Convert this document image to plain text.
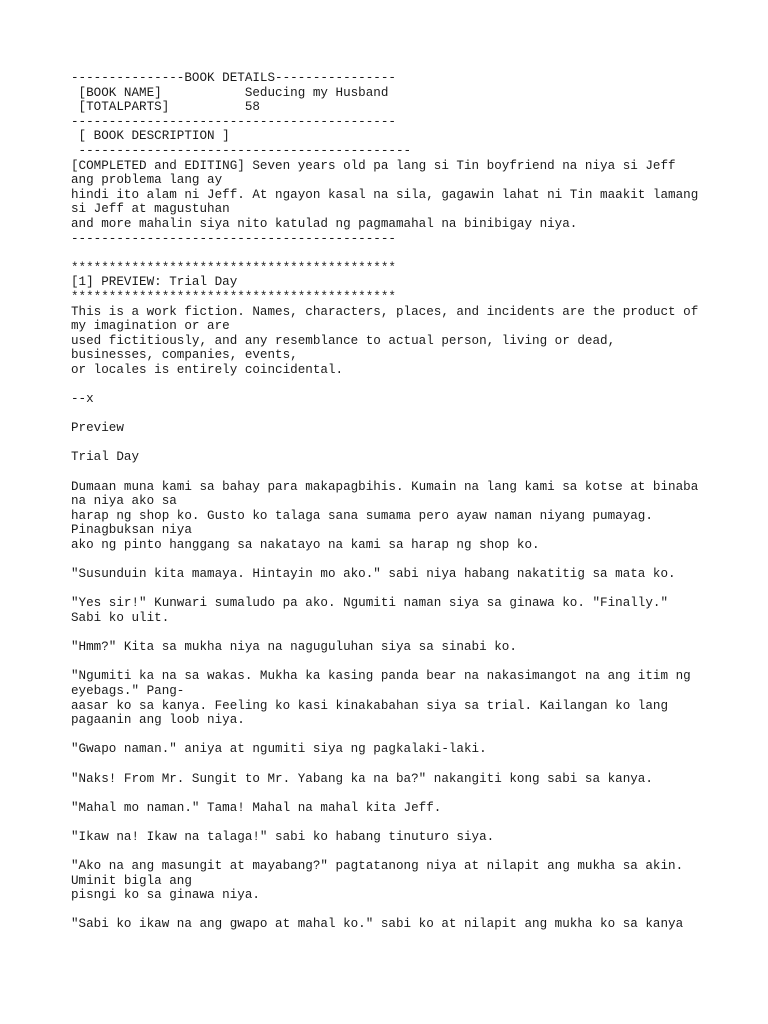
---------------BOOK DETAILS----------------
[BOOK NAME]           Seducing my Husband
[TOTALPARTS]          58
-------------------------------------------
[ BOOK DESCRIPTION ]
--------------------------------------------
[COMPLETED and EDITING] Seven years old pa lang si Tin boyfriend na niya si Jeff
ang problema lang ay
hindi ito alam ni Jeff. At ngayon kasal na sila, gagawin lahat ni Tin maakit lamang
si Jeff at magustuhan
and more mahalin siya nito katulad ng pagmamahal na binibigay niya.
-------------------------------------------
*******************************************
[1] PREVIEW: Trial Day
*******************************************
This is a work fiction. Names, characters, places, and incidents are the product of
my imagination or are
used fictitiously, and any resemblance to actual person, living or dead,
businesses, companies, events,
or locales is entirely coincidental.
--x
Preview
Trial Day
Dumaan muna kami sa bahay para makapagbihis. Kumain na lang kami sa kotse at binaba
na niya ako sa
harap ng shop ko. Gusto ko talaga sana sumama pero ayaw naman niyang pumayag.
Pinagbuksan niya
ako ng pinto hanggang sa nakatayo na kami sa harap ng shop ko.
"Susunduin kita mamaya. Hintayin mo ako." sabi niya habang nakatitig sa mata ko.
"Yes sir!" Kunwari sumaludo pa ako. Ngumiti naman siya sa ginawa ko. "Finally."
Sabi ko ulit.
"Hmm?" Kita sa mukha niya na naguguluhan siya sa sinabi ko.
"Ngumiti ka na sa wakas. Mukha ka kasing panda bear na nakasimangot na ang itim ng
eyebags." Pang-
aasar ko sa kanya. Feeling ko kasi kinakabahan siya sa trial. Kailangan ko lang
pagaanin ang loob niya.
"Gwapo naman." aniya at ngumiti siya ng pagkalaki-laki.
"Naks! From Mr. Sungit to Mr. Yabang ka na ba?" nakangiti kong sabi sa kanya.
"Mahal mo naman." Tama! Mahal na mahal kita Jeff.
"Ikaw na! Ikaw na talaga!" sabi ko habang tinuturo siya.
"Ako na ang masungit at mayabang?" pagtatanong niya at nilapit ang mukha sa akin.
Uminit bigla ang
pisngi ko sa ginawa niya.
"Sabi ko ikaw na ang gwapo at mahal ko." sabi ko at nilapit ang mukha ko sa kanya
